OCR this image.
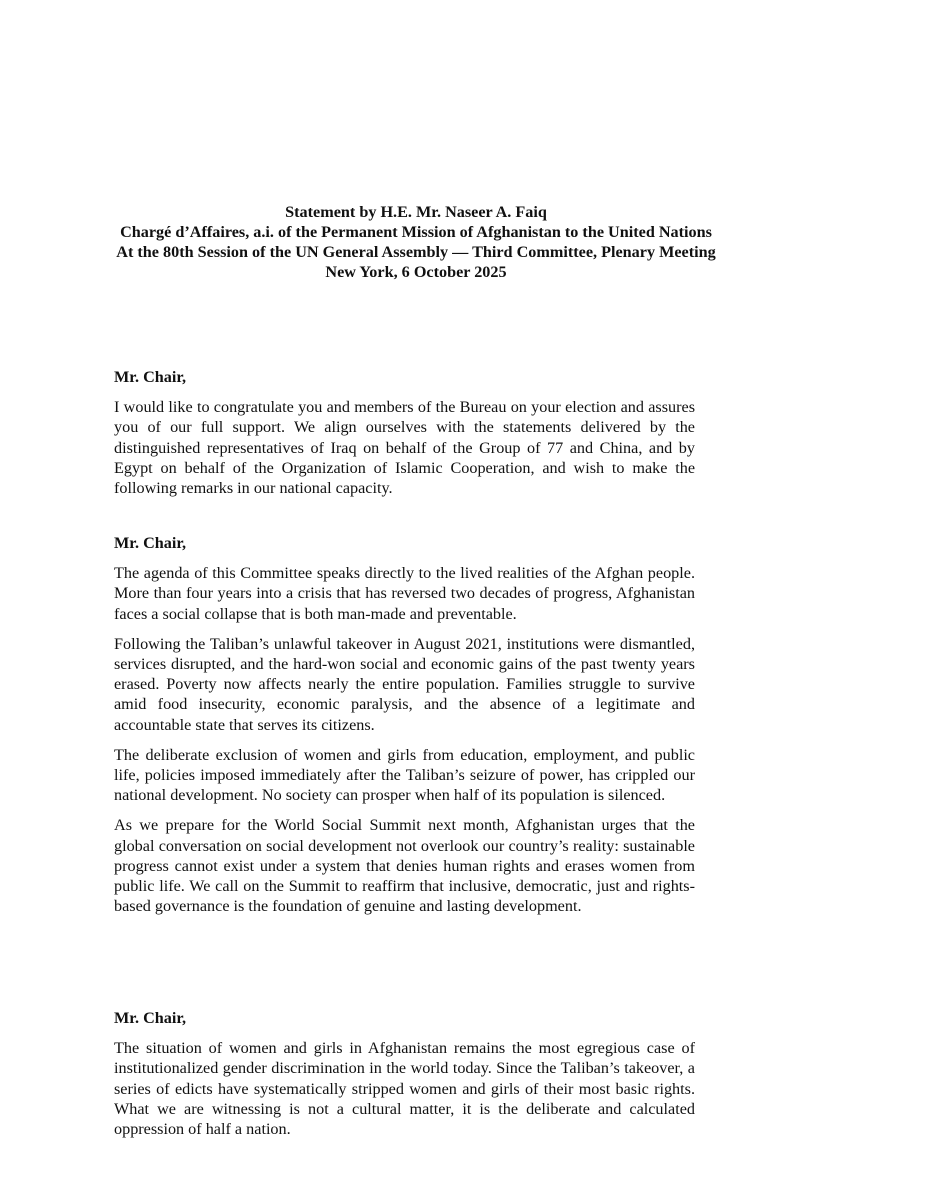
Statement by H.E. Mr. Naseer A. Faiq
Chargé d’Affaires, a.i. of the Permanent Mission of Afghanistan to the United Nations
At the 80th Session of the UN General Assembly — Third Committee, Plenary Meeting
New York, 6 October 2025
Mr. Chair,
I would like to congratulate you and members of the Bureau on your election and assures you of our full support. We align ourselves with the statements delivered by the distinguished representatives of Iraq on behalf of the Group of 77 and China, and by Egypt on behalf of the Organization of Islamic Cooperation, and wish to make the following remarks in our national capacity.
Mr. Chair,
The agenda of this Committee speaks directly to the lived realities of the Afghan people. More than four years into a crisis that has reversed two decades of progress, Afghanistan faces a social collapse that is both man-made and preventable.
Following the Taliban’s unlawful takeover in August 2021, institutions were dismantled, services disrupted, and the hard-won social and economic gains of the past twenty years erased. Poverty now affects nearly the entire population. Families struggle to survive amid food insecurity, economic paralysis, and the absence of a legitimate and accountable state that serves its citizens.
The deliberate exclusion of women and girls from education, employment, and public life, policies imposed immediately after the Taliban’s seizure of power, has crippled our national development. No society can prosper when half of its population is silenced.
As we prepare for the World Social Summit next month, Afghanistan urges that the global conversation on social development not overlook our country’s reality: sustainable progress cannot exist under a system that denies human rights and erases women from public life. We call on the Summit to reaffirm that inclusive, democratic, just and rights-based governance is the foundation of genuine and lasting development.
Mr. Chair,
The situation of women and girls in Afghanistan remains the most egregious case of institutionalized gender discrimination in the world today. Since the Taliban’s takeover, a series of edicts have systematically stripped women and girls of their most basic rights. What we are witnessing is not a cultural matter, it is the deliberate and calculated oppression of half a nation.
